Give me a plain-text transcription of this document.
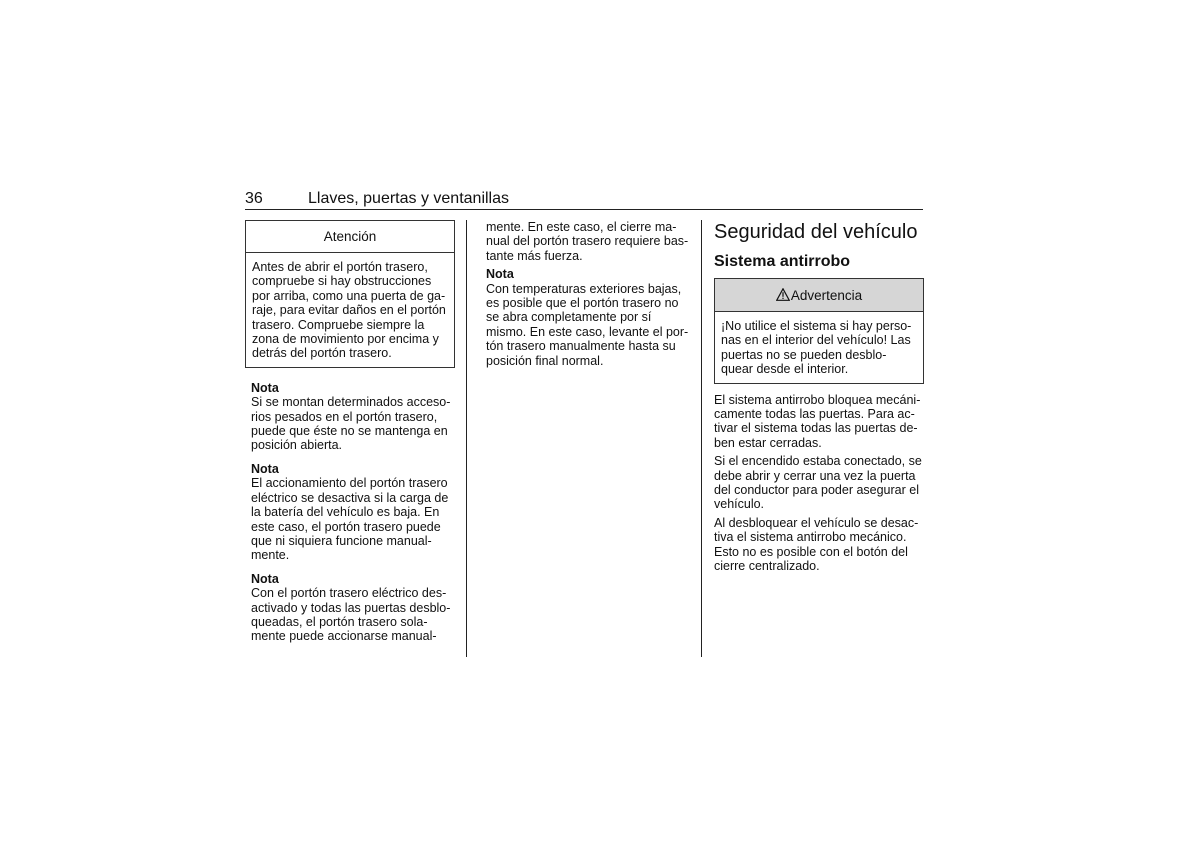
36	Llaves, puertas y ventanillas
Atención
Antes de abrir el portón trasero,
compruebe si hay obstrucciones
por arriba, como una puerta de ga-
raje, para evitar daños en el portón
trasero. Compruebe siempre la
zona de movimiento por encima y
detrás del portón trasero.
Nota
Si se montan determinados acceso-
rios pesados en el portón trasero,
puede que éste no se mantenga en
posición abierta.
Nota
El accionamiento del portón trasero
eléctrico se desactiva si la carga de
la batería del vehículo es baja. En
este caso, el portón trasero puede
que ni siquiera funcione manual-
mente.
Nota
Con el portón trasero eléctrico des-
activado y todas las puertas desblo-
queadas, el portón trasero sola-
mente puede accionarse manual-
mente. En este caso, el cierre ma-
nual del portón trasero requiere bas-
tante más fuerza.
Nota
Con temperaturas exteriores bajas,
es posible que el portón trasero no
se abra completamente por sí
mismo. En este caso, levante el por-
tón trasero manualmente hasta su
posición final normal.
Seguridad del vehículo
Sistema antirrobo
Advertencia
¡No utilice el sistema si hay perso-
nas en el interior del vehículo! Las
puertas no se pueden desblo-
quear desde el interior.
El sistema antirrobo bloquea mecáni-
camente todas las puertas. Para ac-
tivar el sistema todas las puertas de-
ben estar cerradas.
Si el encendido estaba conectado, se
debe abrir y cerrar una vez la puerta
del conductor para poder asegurar el
vehículo.
Al desbloquear el vehículo se desac-
tiva el sistema antirrobo mecánico.
Esto no es posible con el botón del
cierre centralizado.
